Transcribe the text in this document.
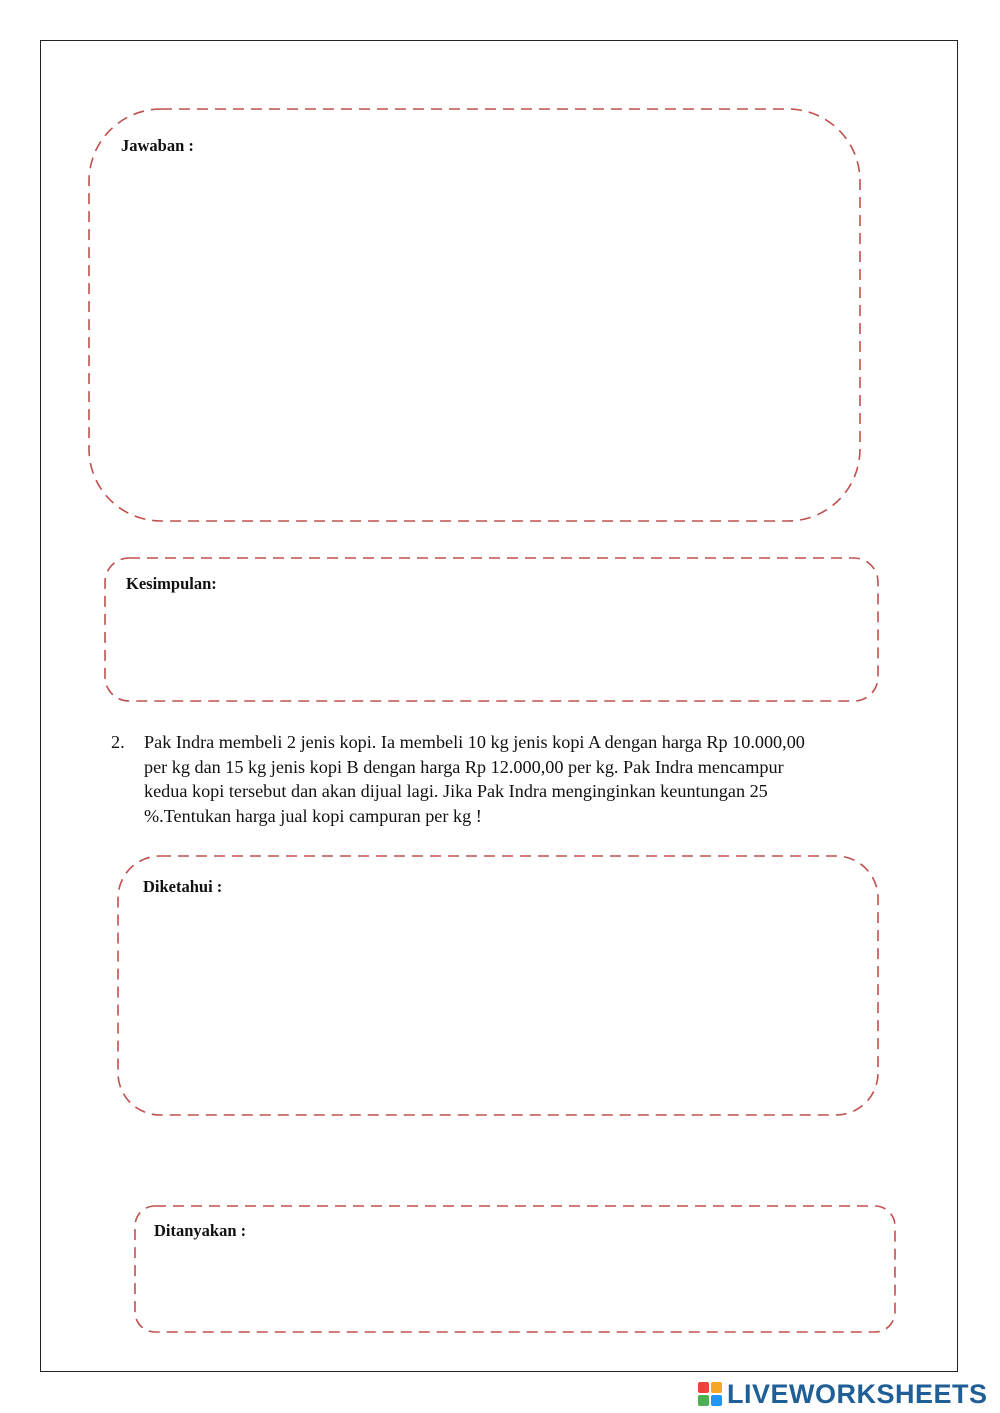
Jawaban :
Kesimpulan:
2. Pak Indra membeli 2 jenis kopi. Ia membeli 10 kg jenis kopi A dengan harga Rp 10.000,00
per kg dan 15 kg jenis kopi B dengan harga Rp 12.000,00 per kg. Pak Indra mencampur
kedua kopi tersebut dan akan dijual lagi. Jika Pak Indra menginginkan keuntungan 25
%.Tentukan harga jual kopi campuran per kg !
Diketahui :
Ditanyakan :
LIVEWORKSHEETS
